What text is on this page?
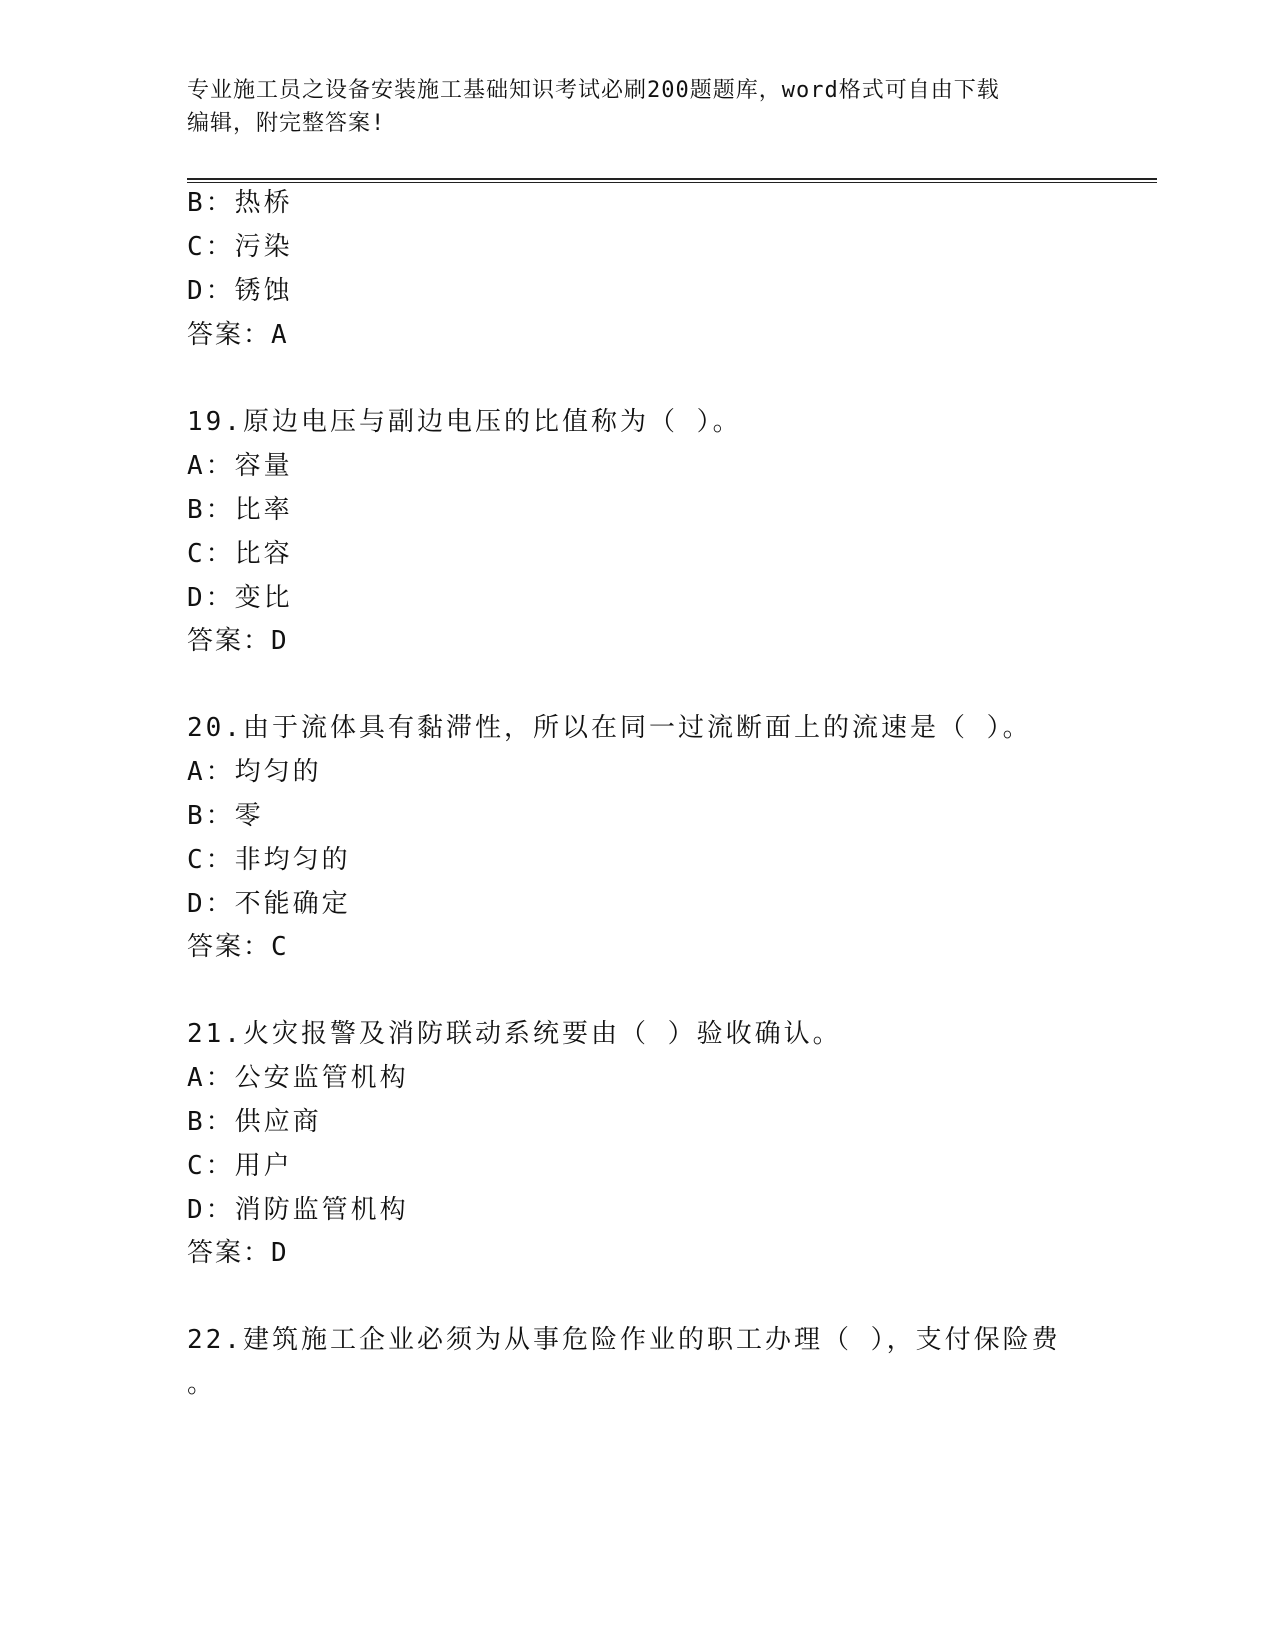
专业施工员之设备安装施工基础知识考试必刷200题题库，word格式可自由下载
编辑，附完整答案!
B：热桥
C：污染
D：锈蚀
答案：A
19.原边电压与副边电压的比值称为（ ）。
A：容量
B：比率
C：比容
D：变比
答案：D
20.由于流体具有黏滞性，所以在同一过流断面上的流速是（ ）。
A：均匀的
B：零
C：非均匀的
D：不能确定
答案：C
21.火灾报警及消防联动系统要由（ ）验收确认。
A：公安监管机构
B：供应商
C：用户
D：消防监管机构
答案：D
22.建筑施工企业必须为从事危险作业的职工办理（ ），支付保险费
。
